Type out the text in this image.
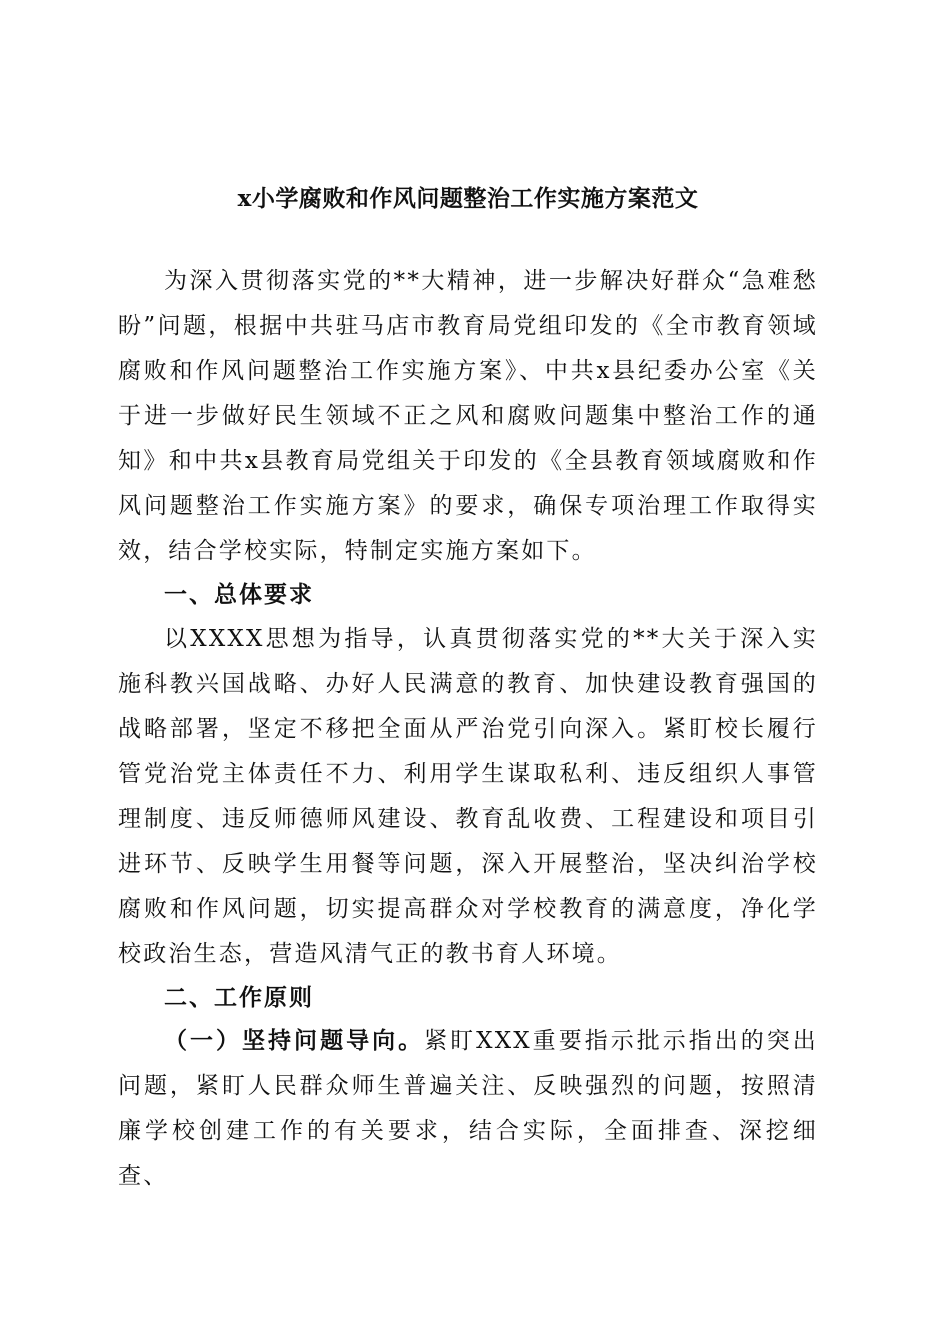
x小学腐败和作风问题整治工作实施方案范文

为深入贯彻落实党的**大精神，进一步解决好群众“急难愁盼”问题，根据中共驻马店市教育局党组印发的《全市教育领域腐败和作风问题整治工作实施方案》、中共x县纪委办公室《关于进一步做好民生领域不正之风和腐败问题集中整治工作的通知》和中共x县教育局党组关于印发的《全县教育领域腐败和作风问题整治工作实施方案》的要求，确保专项治理工作取得实效，结合学校实际，特制定实施方案如下。

一、总体要求

以XXXX思想为指导，认真贯彻落实党的**大关于深入实施科教兴国战略、办好人民满意的教育、加快建设教育强国的战略部署，坚定不移把全面从严治党引向深入。紧盯校长履行管党治党主体责任不力、利用学生谋取私利、违反组织人事管理制度、违反师德师风建设、教育乱收费、工程建设和项目引进环节、反映学生用餐等问题，深入开展整治，坚决纠治学校腐败和作风问题，切实提高群众对学校教育的满意度，净化学校政治生态，营造风清气正的教书育人环境。

二、工作原则

（一）坚持问题导向。紧盯XXX重要指示批示指出的突出问题，紧盯人民群众师生普遍关注、反映强烈的问题，按照清廉学校创建工作的有关要求，结合实际，全面排查、深挖细查、
